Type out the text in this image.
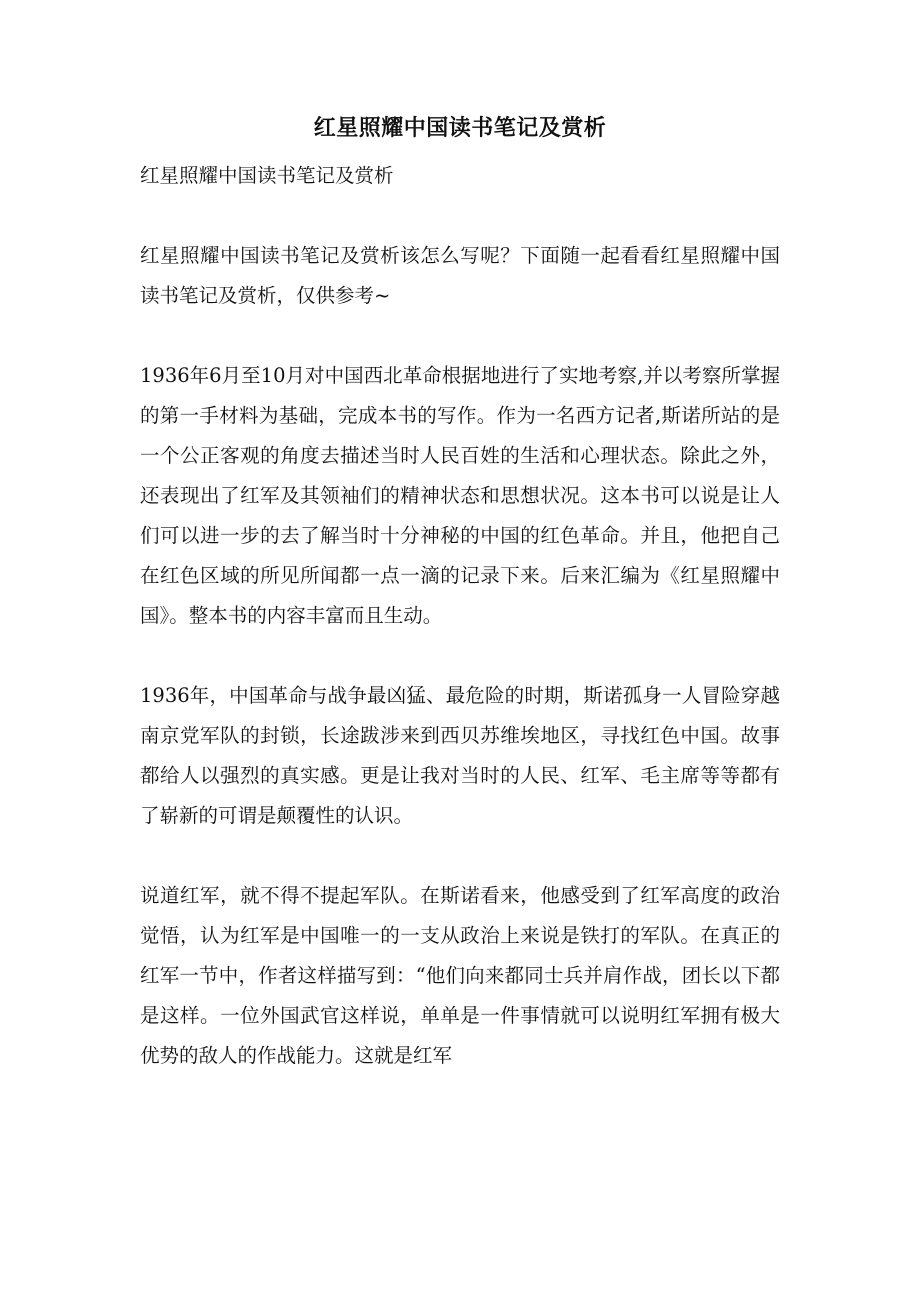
红星照耀中国读书笔记及赏析

红星照耀中国读书笔记及赏析

红星照耀中国读书笔记及赏析该怎么写呢？下面随一起看看红星照耀中国读书笔记及赏析，仅供参考~

1936年6月至10月对中国西北革命根据地进行了实地考察,并以考察所掌握的第一手材料为基础，完成本书的写作。作为一名西方记者,斯诺所站的是一个公正客观的角度去描述当时人民百姓的生活和心理状态。除此之外，还表现出了红军及其领袖们的精神状态和思想状况。这本书可以说是让人们可以进一步的去了解当时十分神秘的中国的红色革命。并且，他把自己在红色区域的所见所闻都一点一滴的记录下来。后来汇编为《红星照耀中国》。整本书的内容丰富而且生动。

1936年，中国革命与战争最凶猛、最危险的时期，斯诺孤身一人冒险穿越南京党军队的封锁，长途跋涉来到西贝苏维埃地区，寻找红色中国。故事都给人以强烈的真实感。更是让我对当时的人民、红军、毛主席等等都有了崭新的可谓是颠覆性的认识。

说道红军，就不得不提起军队。在斯诺看来，他感受到了红军高度的政治觉悟，认为红军是中国唯一的一支从政治上来说是铁打的军队。在真正的红军一节中，作者这样描写到：“他们向来都同士兵并肩作战，团长以下都是这样。一位外国武官这样说，单单是一件事情就可以说明红军拥有极大优势的敌人的作战能力。这就是红军
